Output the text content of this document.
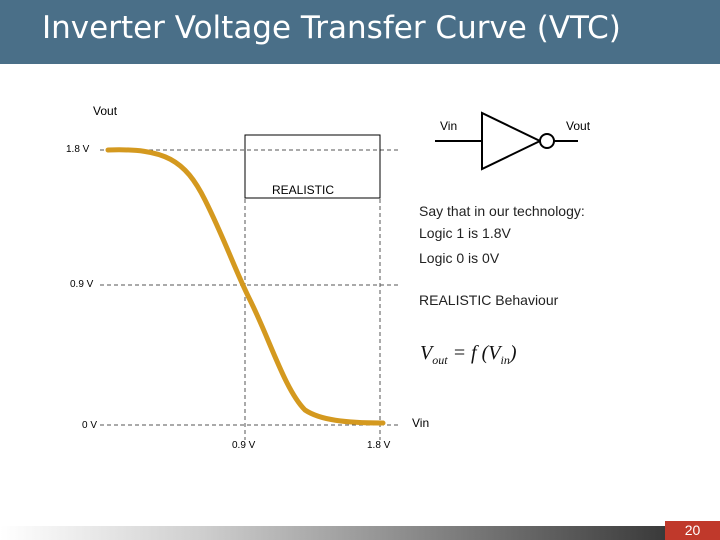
Inverter Voltage Transfer Curve (VTC)
Vout
Vin
1.8 V
0.9 V
0 V
0.9 V	1.8 V
REALISTIC
Vin	Vout
Say that in our technology:
Logic 1 is 1.8V
Logic 0 is 0V
REALISTIC Behaviour
$V_{out} = f$ $(V_{in})$
20
